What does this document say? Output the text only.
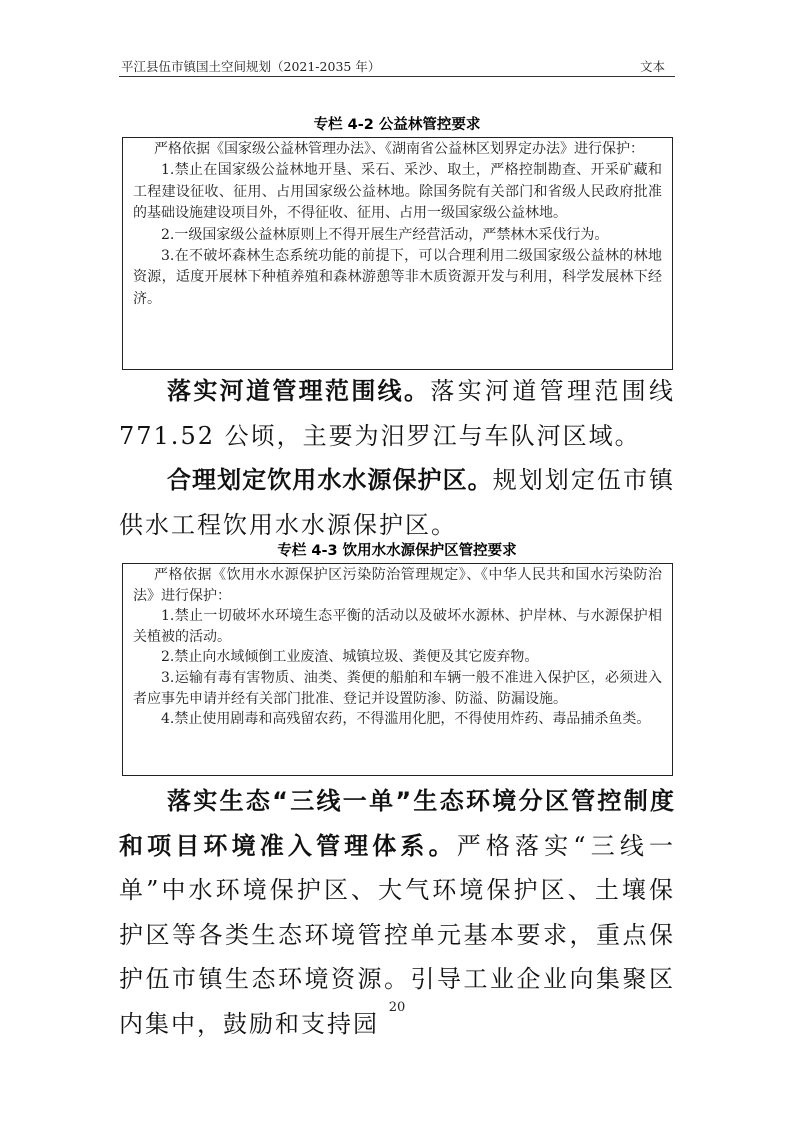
平江县伍市镇国土空间规划（2021-2035 年）	文本
专栏 4-2 公益林管控要求

严格依据《国家级公益林管理办法》、《湖南省公益林区划界定办法》进行保护：

1.禁止在国家级公益林地开垦、采石、采沙、取土，严格控制勘查、开采矿藏和工程建设征收、征用、占用国家级公益林地。除国务院有关部门和省级人民政府批准的基础设施建设项目外，不得征收、征用、占用一级国家级公益林地。

2.一级国家级公益林原则上不得开展生产经营活动，严禁林木采伐行为。

3.在不破坏森林生态系统功能的前提下，可以合理利用二级国家级公益林的林地资源，适度开展林下种植养殖和森林游憩等非木质资源开发与利用，科学发展林下经济。

落实河道管理范围线。落实河道管理范围线771.52 公顷，主要为汨罗江与车队河区域。

合理划定饮用水水源保护区。规划划定伍市镇供水工程饮用水水源保护区。

专栏 4-3 饮用水水源保护区管控要求

严格依据《饮用水水源保护区污染防治管理规定》、《中华人民共和国水污染防治法》进行保护：

1.禁止一切破坏水环境生态平衡的活动以及破坏水源林、护岸林、与水源保护相关植被的活动。

2.禁止向水域倾倒工业废渣、城镇垃圾、粪便及其它废弃物。

3.运输有毒有害物质、油类、粪便的船舶和车辆一般不准进入保护区，必须进入者应事先申请并经有关部门批准、登记并设置防渗、防溢、防漏设施。

4.禁止使用剧毒和高残留农药，不得滥用化肥，不得使用炸药、毒品捕杀鱼类。

落实生态“三线一单”生态环境分区管控制度和项目环境准入管理体系。严格落实“三线一单”中水环境保护区、大气环境保护区、土壤保护区等各类生态环境管控单元基本要求，重点保护伍市镇生态环境资源。引导工业企业向集聚区内集中，鼓励和支持园

20
